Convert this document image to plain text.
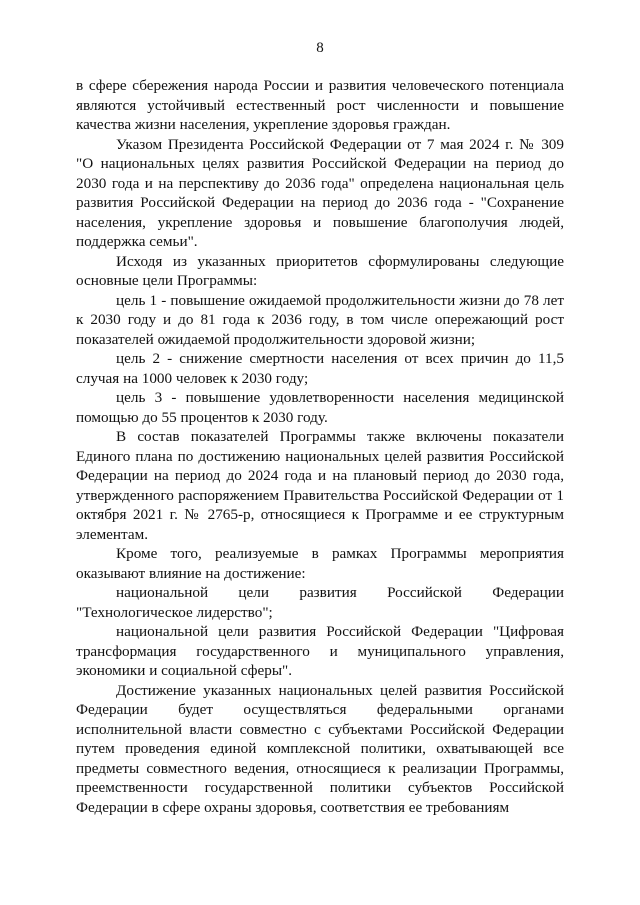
8

в сфере сбережения народа России и развития человеческого потенциала являются устойчивый естественный рост численности и повышение качества жизни населения, укрепление здоровья граждан.

Указом Президента Российской Федерации от 7 мая 2024 г. № 309 "О национальных целях развития Российской Федерации на период до 2030 года и на перспективу до 2036 года" определена национальная цель развития Российской Федерации на период до 2036 года - "Сохранение населения, укрепление здоровья и повышение благополучия людей, поддержка семьи".

Исходя из указанных приоритетов сформулированы следующие основные цели Программы:

цель 1 - повышение ожидаемой продолжительности жизни до 78 лет к 2030 году и до 81 года к 2036 году, в том числе опережающий рост показателей ожидаемой продолжительности здоровой жизни;

цель 2 - снижение смертности населения от всех причин до 11,5 случая на 1000 человек к 2030 году;

цель 3 - повышение удовлетворенности населения медицинской помощью до 55 процентов к 2030 году.

В состав показателей Программы также включены показатели Единого плана по достижению национальных целей развития Российской Федерации на период до 2024 года и на плановый период до 2030 года, утвержденного распоряжением Правительства Российской Федерации от 1 октября 2021 г. № 2765-р, относящиеся к Программе и ее структурным элементам.

Кроме того, реализуемые в рамках Программы мероприятия оказывают влияние на достижение:

национальной цели развития Российской Федерации "Технологическое лидерство";

национальной цели развития Российской Федерации "Цифровая трансформация государственного и муниципального управления, экономики и социальной сферы".

Достижение указанных национальных целей развития Российской Федерации будет осуществляться федеральными органами исполнительной власти совместно с субъектами Российской Федерации путем проведения единой комплексной политики, охватывающей все предметы совместного ведения, относящиеся к реализации Программы, преемственности государственной политики субъектов Российской Федерации в сфере охраны здоровья, соответствия ее требованиям
